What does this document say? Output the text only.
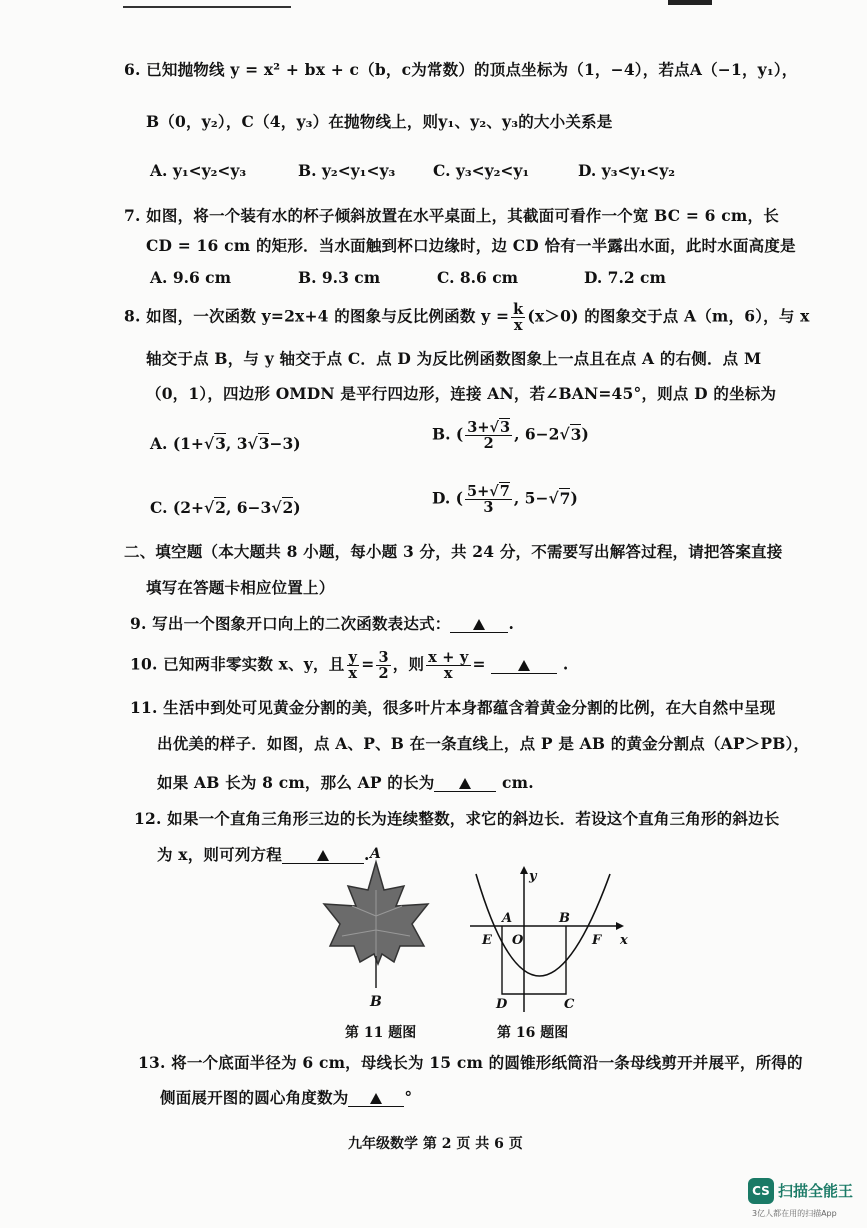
6. 已知抛物线 y = x² + bx + c（b，c为常数）的顶点坐标为（1，−4），若点A（−1，y₁），
B（0，y₂），C（4，y₃）在抛物线上，则y₁、y₂、y₃的大小关系是
A. y₁<y₂<y₃	B. y₂<y₁<y₃ C. y₃<y₂<y₁	D. y₃<y₁<y₂
7. 如图，将一个装有水的杯子倾斜放置在水平桌面上，其截面可看作一个宽 BC = 6 cm，长
CD = 16 cm 的矩形．当水面触到杯口边缘时，边 CD 恰有一半露出水面，此时水面高度是
A. 9.6 cm	B. 9.3 cm	C. 8.6 cm	D. 7.2 cm
8. 如图，一次函数 y=2x+4 的图象与反比例函数 $y = \frac{k}{x} (x>0)$ 的图象交于点 A（m，6），与 x
轴交于点 B，与 y 轴交于点 C．点 D 为反比例函数图象上一点且在点 A 的右侧．点 M
（0，1），四边形 OMDN 是平行四边形，连接 AN，若∠BAN=45°，则点 D 的坐标为
A. (1+√3, 3√3−3)	B. ( $\frac{3+√3}{2}$ , 6−2√3)
C. (2+√2, 6−3√2)	D. ( $\frac{5+√7}{3}$ , 5−√7)
二、填空题（本大题共 8 小题，每小题 3 分，共 24 分，不需要写出解答过程，请把答案直接
填写在答题卡相应位置上）
9. 写出一个图象开口向上的二次函数表达式：	.
10. 已知两非零实数 x、y，且 $\frac{y}{x} = \frac{3}{2}$ ，则 $\frac{x + y}{x}$ =	.
11. 生活中到处可见黄金分割的美，很多叶片本身都蕴含着黄金分割的比例，在大自然中呈现
出优美的样子．如图，点 A、P、B 在一条直线上，点 P 是 AB 的黄金分割点（AP＞PB），
如果 AB 长为 8 cm，那么 AP 的长为	cm.
12. 如果一个直角三角形三边的长为连续整数，求它的斜边长．若设这个直角三角形的斜边长
为 x，则可列方程	. A
B
y
A	B
E O	F x
D	C
第 11 题图	第 16 题图
13. 将一个底面半径为 6 cm，母线长为 15 cm 的圆锥形纸筒沿一条母线剪开并展平，所得的
侧面展开图的圆心角度数为	°
九年级数学 第 2 页 共 6 页
CS 扫描全能王
3亿人都在用的扫描App
